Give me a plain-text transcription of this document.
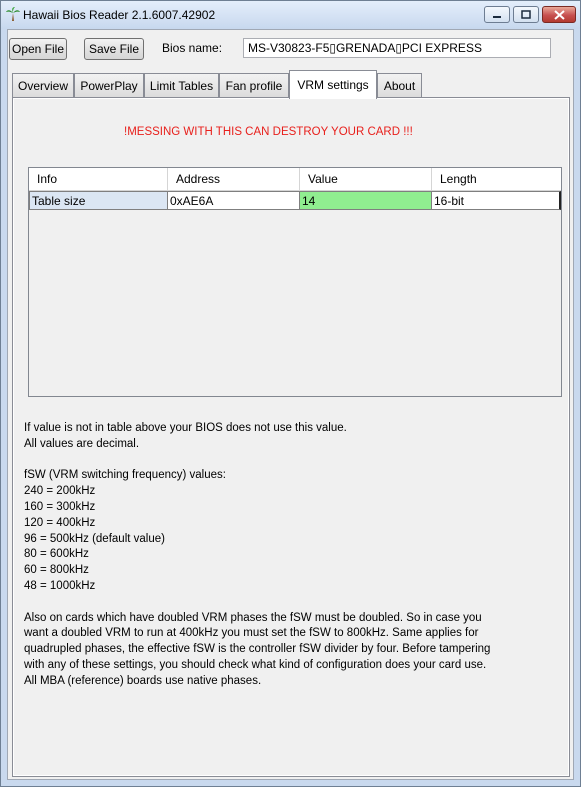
Hawaii Bios Reader 2.1.6007.42902
Open File	Save File	Bios name:
MS-V30823-F5▯GRENADA▯PCI EXPRESS
Overview	PowerPlay	Limit Tables	Fan profile	VRM settings	About
!MESSING WITH THIS CAN DESTROY YOUR CARD !!!
Info	Address	Value	Length
Table size	0xAE6A	14	16-bit
If value is not in table above your BIOS does not use this value.
All values are decimal.
fSW (VRM switching frequency) values:
240 = 200kHz
160 = 300kHz
120 = 400kHz
96 = 500kHz (default value)
80 = 600kHz
60 = 800kHz
48 = 1000kHz
Also on cards which have doubled VRM phases the fSW must be doubled. So in case you
want a doubled VRM to run at 400kHz you must set the fSW to 800kHz. Same applies for
quadrupled phases, the effective fSW is the controller fSW divider by four. Before tampering
with any of these settings, you should check what kind of configuration does your card use.
All MBA (reference) boards use native phases.
